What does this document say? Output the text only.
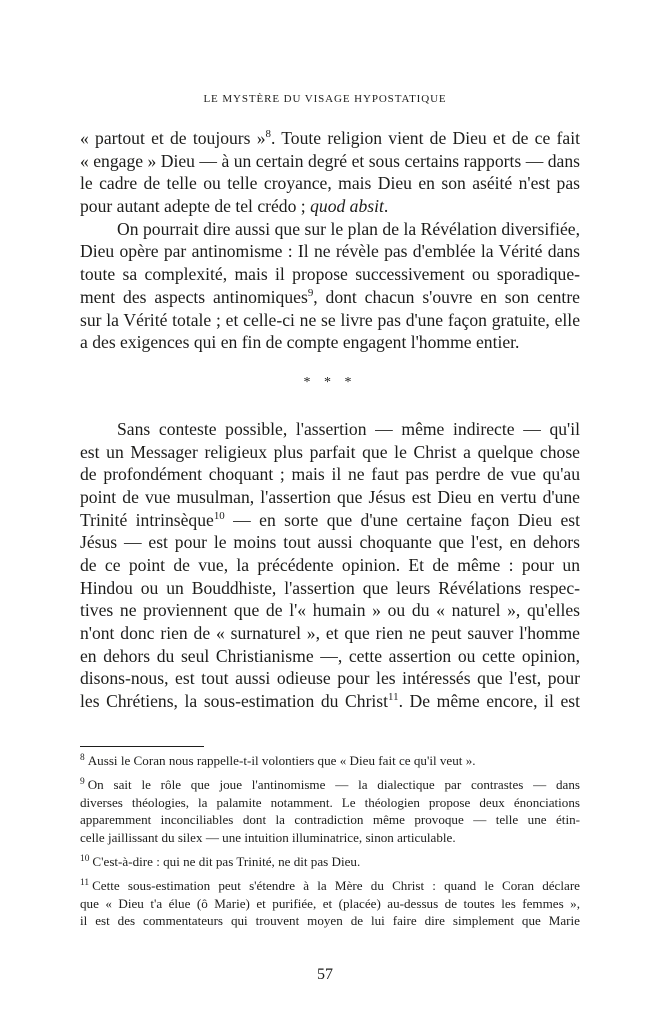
LE MYSTÈRE DU VISAGE HYPOSTATIQUE
« partout et de toujours »$^8$. Toute religion vient de Dieu et de ce fait
« engage » Dieu — à un certain degré et sous certains rapports — dans
le cadre de telle ou telle croyance, mais Dieu en son aséité n'est pas
pour autant adepte de tel crédo ; quod absit.
On pourrait dire aussi que sur le plan de la Révélation diversifiée,
Dieu opère par antinomisme : Il ne révèle pas d'emblée la Vérité dans
toute sa complexité, mais il propose successivement ou sporadique-
ment des aspects antinomiques$^9$, dont chacun s'ouvre en son centre
sur la Vérité totale ; et celle-ci ne se livre pas d'une façon gratuite, elle
a des exigences qui en fin de compte engagent l'homme entier.
* * *
Sans conteste possible, l'assertion — même indirecte — qu'il
est un Messager religieux plus parfait que le Christ a quelque chose
de profondément choquant ; mais il ne faut pas perdre de vue qu'au
point de vue musulman, l'assertion que Jésus est Dieu en vertu d'une
Trinité intrinsèque$^{10}$ — en sorte que d'une certaine façon Dieu est
Jésus — est pour le moins tout aussi choquante que l'est, en dehors
de ce point de vue, la précédente opinion. Et de même : pour un
Hindou ou un Bouddhiste, l'assertion que leurs Révélations respec-
tives ne proviennent que de l'« humain » ou du « naturel », qu'elles
n'ont donc rien de « surnaturel », et que rien ne peut sauver l'homme
en dehors du seul Christianisme —, cette assertion ou cette opinion,
disons-nous, est tout aussi odieuse pour les intéressés que l'est, pour
les Chrétiens, la sous-estimation du Christ$^{11}$. De même encore, il est
$^8$ Aussi le Coran nous rappelle-t-il volontiers que « Dieu fait ce qu'il veut ».
$^9$ On sait le rôle que joue l'antinomisme — la dialectique par contrastes — dans
diverses théologies, la palamite notamment. Le théologien propose deux énonciations
apparemment inconciliables dont la contradiction même provoque — telle une étin-
celle jaillissant du silex — une intuition illuminatrice, sinon articulable.
$^{10}$ C'est-à-dire : qui ne dit pas Trinité, ne dit pas Dieu.
$^{11}$ Cette sous-estimation peut s'étendre à la Mère du Christ : quand le Coran déclare
que « Dieu t'a élue (ô Marie) et purifiée, et (placée) au-dessus de toutes les femmes »,
il est des commentateurs qui trouvent moyen de lui faire dire simplement que Marie
57
